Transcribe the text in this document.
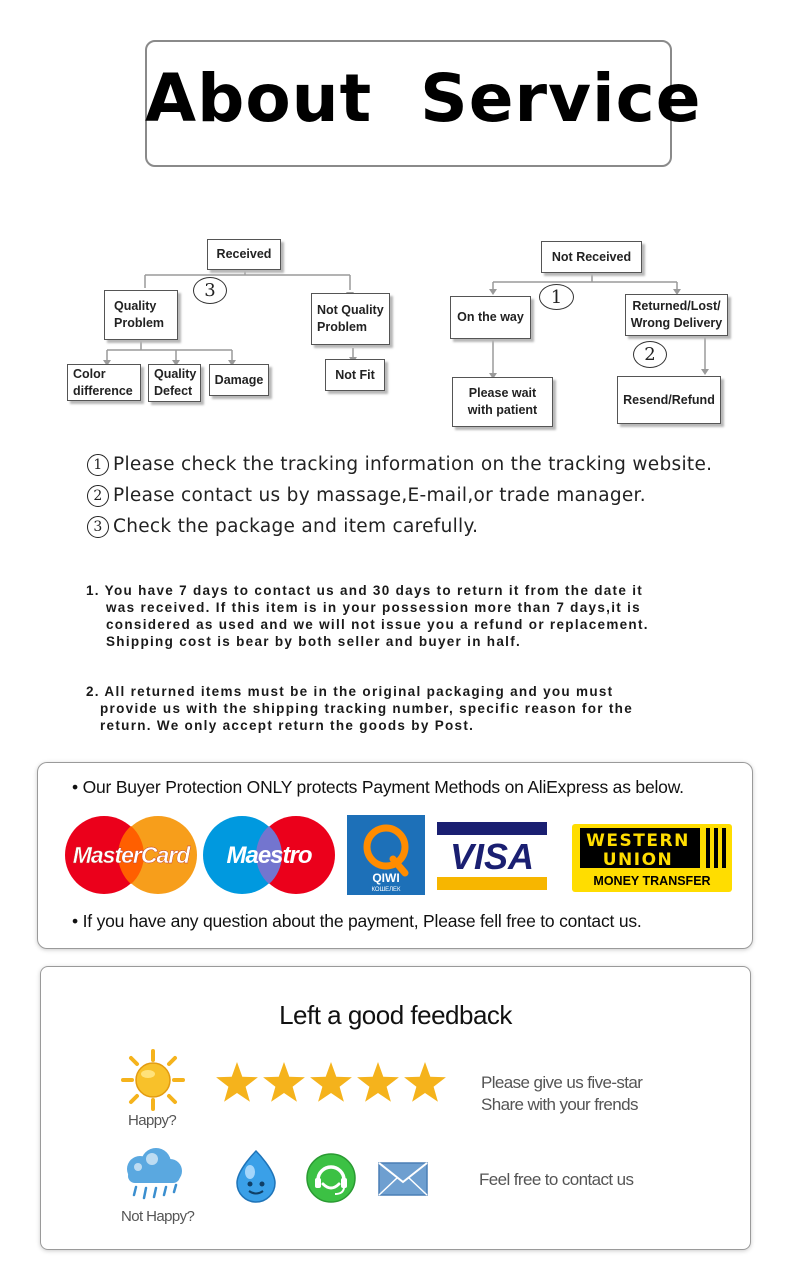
About  Service
Received
3
Quality
Problem
Not Quality
Problem
Color
difference
Quality
Defect
Damage	Not Fit
Not Received
1
On the way
Returned/Lost/
Wrong Delivery
2
Please wait
with patient
Resend/Refund
1 Please check the tracking information on the tracking website.
2 Please contact us by massage,E-mail,or trade manager.
3 Check the package and item carefully.
1. You have 7 days to contact us and 30 days to return it from the date it
was received. If this item is in your possession more than 7 days,it is
considered as used and we will not issue you a refund or replacement.
Shipping cost is bear by both seller and buyer in half.
2. All returned items must be in the original packaging and you must
provide us with the shipping tracking number, specific reason for the
return. We only accept return the goods by Post.
• Our Buyer Protection ONLY protects Payment Methods on AliExpress as below.
MasterCard Maestro
QIWI
КОШЕЛЕК
VISA	WESTERN
UNION
MONEY TRANSFER
• If you have any question about the payment, Please fell free to contact us.
Left a good feedback
Happy?
Please give us five-star
Share with your frends
Not Happy?
Feel free to contact us
